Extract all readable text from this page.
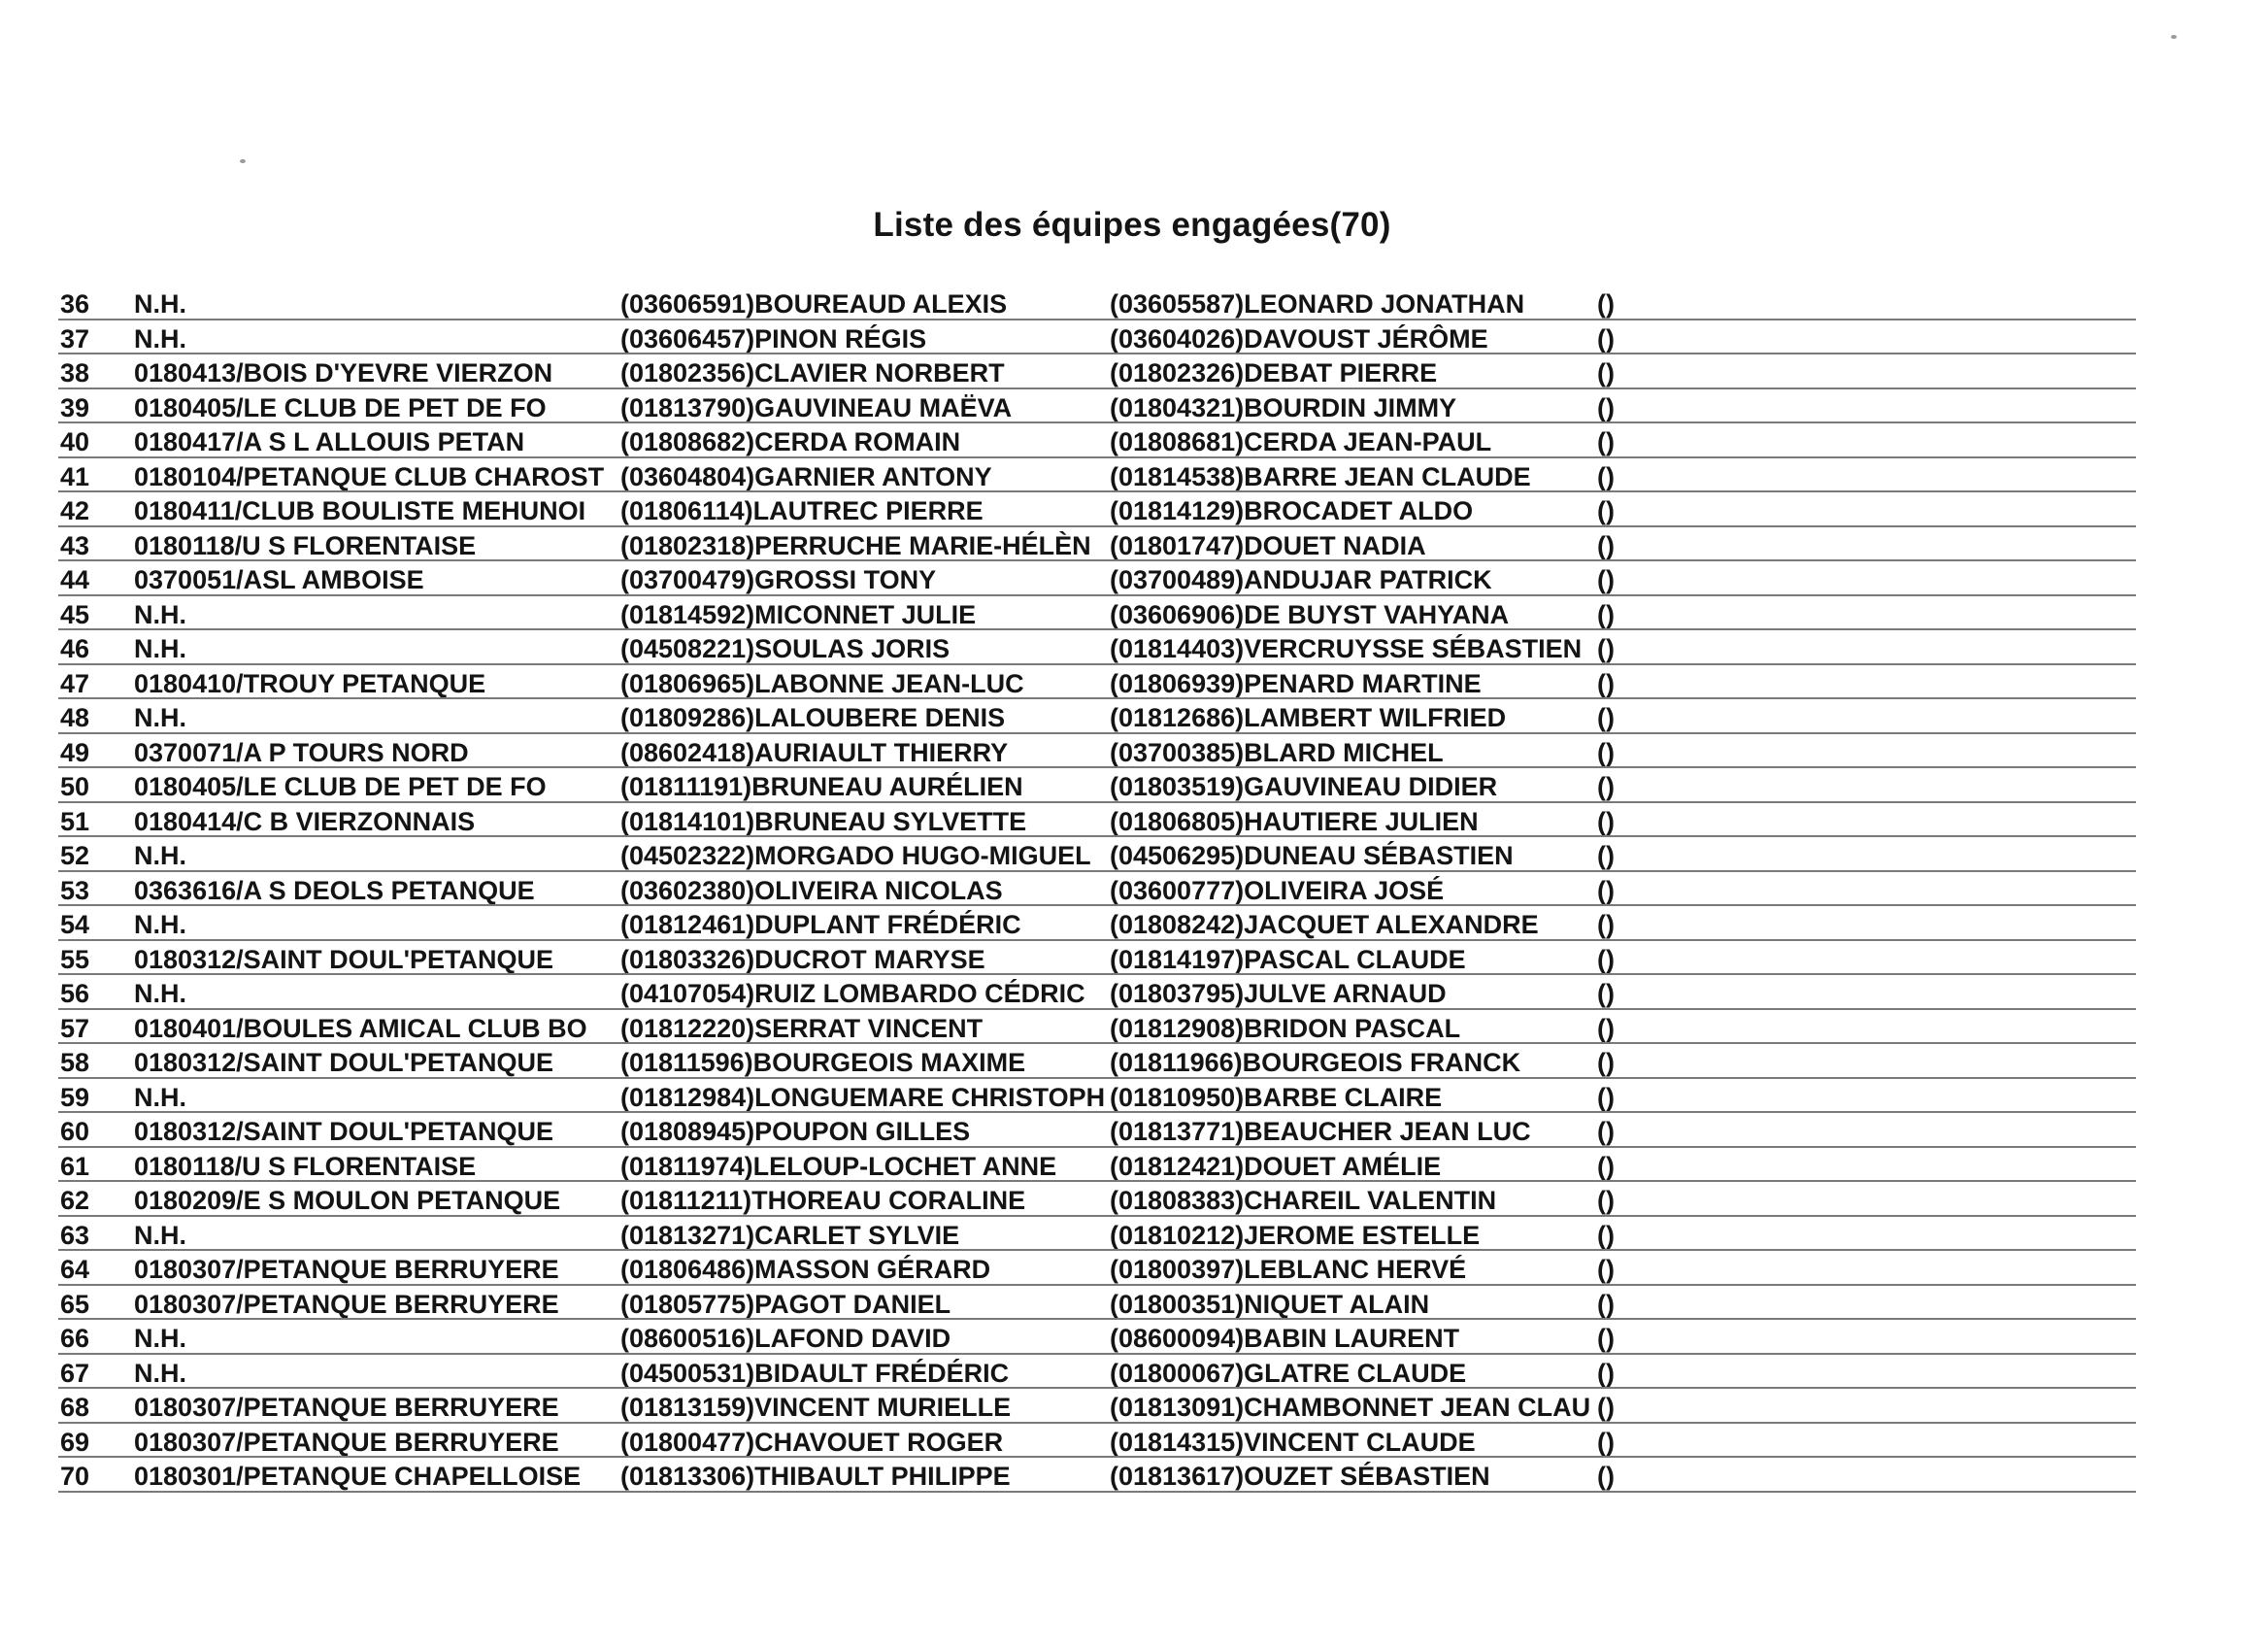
Liste des équipes engagées(70)
36	N.H.	(03606591)BOUREAUD ALEXIS	(03605587)LEONARD JONATHAN	()
37	N.H.	(03606457)PINON RÉGIS	(03604026)DAVOUST JÉRÔME	()
38	0180413/BOIS D'YEVRE VIERZON	(01802356)CLAVIER NORBERT	(01802326)DEBAT PIERRE	()
39	0180405/LE CLUB DE PET DE FO	(01813790)GAUVINEAU MAËVA	(01804321)BOURDIN JIMMY	()
40	0180417/A S L ALLOUIS PETAN	(01808682)CERDA ROMAIN	(01808681)CERDA JEAN-PAUL	()
41	0180104/PETANQUE CLUB CHAROST (03604804)GARNIER ANTONY	(01814538)BARRE JEAN CLAUDE	()
42	0180411/CLUB BOULISTE MEHUNOI	(01806114)LAUTREC PIERRE	(01814129)BROCADET ALDO	()
43	0180118/U S FLORENTAISE	(01802318)PERRUCHE MARIE-HÉLÈN (01801747)DOUET NADIA	()
44	0370051/ASL AMBOISE	(03700479)GROSSI TONY	(03700489)ANDUJAR PATRICK	()
45	N.H.	(01814592)MICONNET JULIE	(03606906)DE BUYST VAHYANA	()
46	N.H.	(04508221)SOULAS JORIS	(01814403)VERCRUYSSE SÉBASTIEN ()
47	0180410/TROUY PETANQUE	(01806965)LABONNE JEAN-LUC	(01806939)PENARD MARTINE	()
48	N.H.	(01809286)LALOUBERE DENIS	(01812686)LAMBERT WILFRIED	()
49	0370071/A P TOURS NORD	(08602418)AURIAULT THIERRY	(03700385)BLARD MICHEL	()
50	0180405/LE CLUB DE PET DE FO	(01811191)BRUNEAU AURÉLIEN	(01803519)GAUVINEAU DIDIER	()
51	0180414/C B VIERZONNAIS	(01814101)BRUNEAU SYLVETTE	(01806805)HAUTIERE JULIEN	()
52	N.H.	(04502322)MORGADO HUGO-MIGUEL (04506295)DUNEAU SÉBASTIEN	()
53	0363616/A S DEOLS PETANQUE	(03602380)OLIVEIRA NICOLAS	(03600777)OLIVEIRA JOSÉ	()
54	N.H.	(01812461)DUPLANT FRÉDÉRIC	(01808242)JACQUET ALEXANDRE	()
55	0180312/SAINT DOUL'PETANQUE	(01803326)DUCROT MARYSE	(01814197)PASCAL CLAUDE	()
56	N.H.	(04107054)RUIZ LOMBARDO CÉDRIC (01803795)JULVE ARNAUD	()
57	0180401/BOULES AMICAL CLUB BO	(01812220)SERRAT VINCENT	(01812908)BRIDON PASCAL	()
58	0180312/SAINT DOUL'PETANQUE	(01811596)BOURGEOIS MAXIME	(01811966)BOURGEOIS FRANCK	()
59	N.H.	(01812984)LONGUEMARE CHRISTOPH (01810950)BARBE CLAIRE	()
60	0180312/SAINT DOUL'PETANQUE	(01808945)POUPON GILLES	(01813771)BEAUCHER JEAN LUC	()
61	0180118/U S FLORENTAISE	(01811974)LELOUP-LOCHET ANNE	(01812421)DOUET AMÉLIE	()
62	0180209/E S MOULON PETANQUE	(01811211)THOREAU CORALINE	(01808383)CHAREIL VALENTIN	()
63	N.H.	(01813271)CARLET SYLVIE	(01810212)JEROME ESTELLE	()
64	0180307/PETANQUE BERRUYERE	(01806486)MASSON GÉRARD	(01800397)LEBLANC HERVÉ	()
65	0180307/PETANQUE BERRUYERE	(01805775)PAGOT DANIEL	(01800351)NIQUET ALAIN	()
66	N.H.	(08600516)LAFOND DAVID	(08600094)BABIN LAURENT	()
67	N.H.	(04500531)BIDAULT FRÉDÉRIC	(01800067)GLATRE CLAUDE	()
68	0180307/PETANQUE BERRUYERE	(01813159)VINCENT MURIELLE	(01813091)CHAMBONNET JEAN CLAU ()
69	0180307/PETANQUE BERRUYERE	(01800477)CHAVOUET ROGER	(01814315)VINCENT CLAUDE	()
70	0180301/PETANQUE CHAPELLOISE	(01813306)THIBAULT PHILIPPE	(01813617)OUZET SÉBASTIEN	()
